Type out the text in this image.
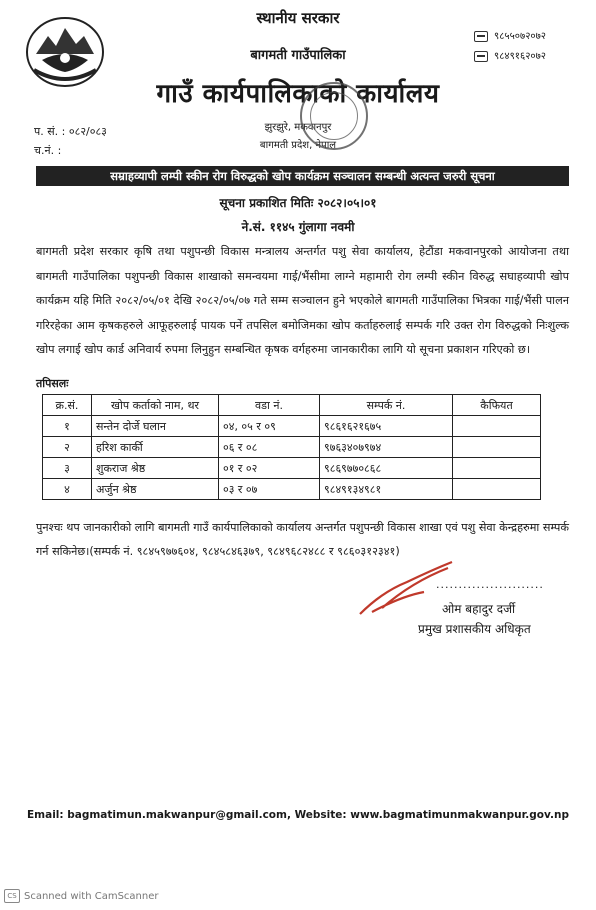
स्थानीय सरकार
बागमती गाउँपालिका
गाउँ कार्यपालिकाको कार्यालय
झुरझुरे, मकवानपुर
बागमती प्रदेश, नेपाल
९८५५०७२०७२
९८४९१६२०७२
प. सं. : ०८२/०८३
च.नं. :
सम्राहव्यापी लम्पी स्कीन रोग विरुद्धको खोप कार्यक्रम सञ्चालन सम्बन्धी अत्यन्त जरुरी सूचना
सूचना प्रकाशित मितिः २०८२।०५।०१
ने.सं. ११४५ गुंलागा नवमी
बागमती प्रदेश सरकार कृषि तथा पशुपन्छी विकास मन्त्रालय अन्तर्गत पशु सेवा कार्यालय, हेटौंडा मकवानपुरको आयोजना तथा बागमती गाउँपालिका पशुपन्छी विकास शाखाको समन्वयमा गाई/भैंसीमा लाग्ने महामारी रोग लम्पी स्कीन विरुद्ध सघाहव्यापी खोप कार्यक्रम यहि मिति २०८२/०५/०१ देखि २०८२/०५/०७ गते सम्म सञ्चालन हुने भएकोले बागमती गाउँपालिका भित्रका गाई/भैंसी पालन गरिरहेका आम कृषकहरुले आफूहरुलाई पायक पर्ने तपसिल बमोजिमका खोप कर्ताहरुलाई सम्पर्क गरि उक्त रोग विरुद्धको निःशुल्क खोप लगाई खोप कार्ड अनिवार्य रुपमा लिनुहुन सम्बन्धित कृषक वर्गहरुमा जानकारीका लागि यो सूचना प्रकाशन गरिएको छ।
तपिसलः
क्र.सं.	खोप कर्ताको नाम, थर	वडा नं.	सम्पर्क नं.	कैफियत
१	सन्तेन दोर्जे घलान	०४, ०५ र ०९	९८६१६२१६७५	
२	हरिश कार्की	०६ र ०८	९७६३४०७९७४	
३	शुकराज श्रेष्ठ	०१ र ०२	९८६९७७०८६८	
४	अर्जुन श्रेष्ठ	०३ र ०७	९८४९१३४९८१	
पुनश्चः थप जानकारीको लागि बागमती गाउँ कार्यपालिकाको कार्यालय अन्तर्गत पशुपन्छी विकास शाखा एवं पशु सेवा केन्द्रहरुमा सम्पर्क गर्न सकिनेछ।(सम्पर्क नं. ९८४५९७७६०४, ९८४५८४६३७९, ९८४९६८२४८८ र ९८६०३१२३४१)
........................
ओम बहादुर दर्जी
प्रमुख प्रशासकीय अधिकृत
Email: bagmatimun.makwanpur@gmail.com, Website: www.bagmatimunmakwanpur.gov.np
CS Scanned with CamScanner
